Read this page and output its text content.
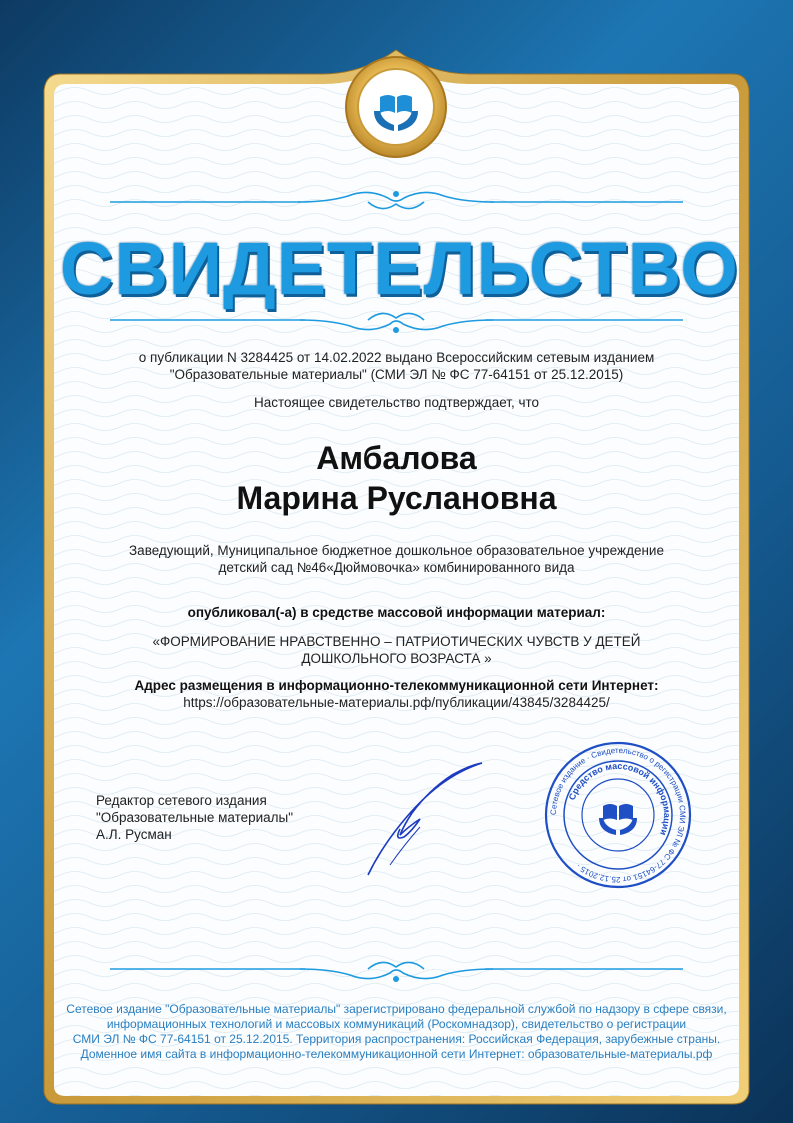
СВИДЕТЕЛЬСТВО
о публикации N 3284425 от 14.02.2022 выдано Всероссийским сетевым изданием
"Образовательные материалы" (СМИ ЭЛ № ФС 77-64151 от 25.12.2015)
Настоящее свидетельство подтверждает, что
Амбалова
Марина Руслановна
Заведующий, Муниципальное бюджетное дошкольное образовательное учреждение
детский сад №46«Дюймовочка» комбинированного вида
опубликовал(-а) в средстве массовой информации материал:
«ФОРМИРОВАНИЕ НРАВСТВЕННО – ПАТРИОТИЧЕСКИХ ЧУВСТВ У ДЕТЕЙ
ДОШКОЛЬНОГО ВОЗРАСТА »
Адрес размещения в информационно-телекоммуникационной сети Интернет:
https://образовательные-материалы.рф/публикации/43845/3284425/
Редактор сетевого издания
"Образовательные материалы"
А.Л. Русман
Сетевое издание · Свидетельство о регистрации СМИ ЭЛ № ФС 77-64151 от 25.12.2015 ·
Средство массовой информации
Сетевое издание "Образовательные материалы" зарегистрировано федеральной службой по надзору в сфере связи,
информационных технологий и массовых коммуникаций (Роскомнадзор), свидетельство о регистрации
СМИ ЭЛ № ФС 77-64151 от 25.12.2015. Территория распространения: Российская Федерация, зарубежные страны.
Доменное имя сайта в информационно-телекоммуникационной сети Интернет: образовательные-материалы.рф
